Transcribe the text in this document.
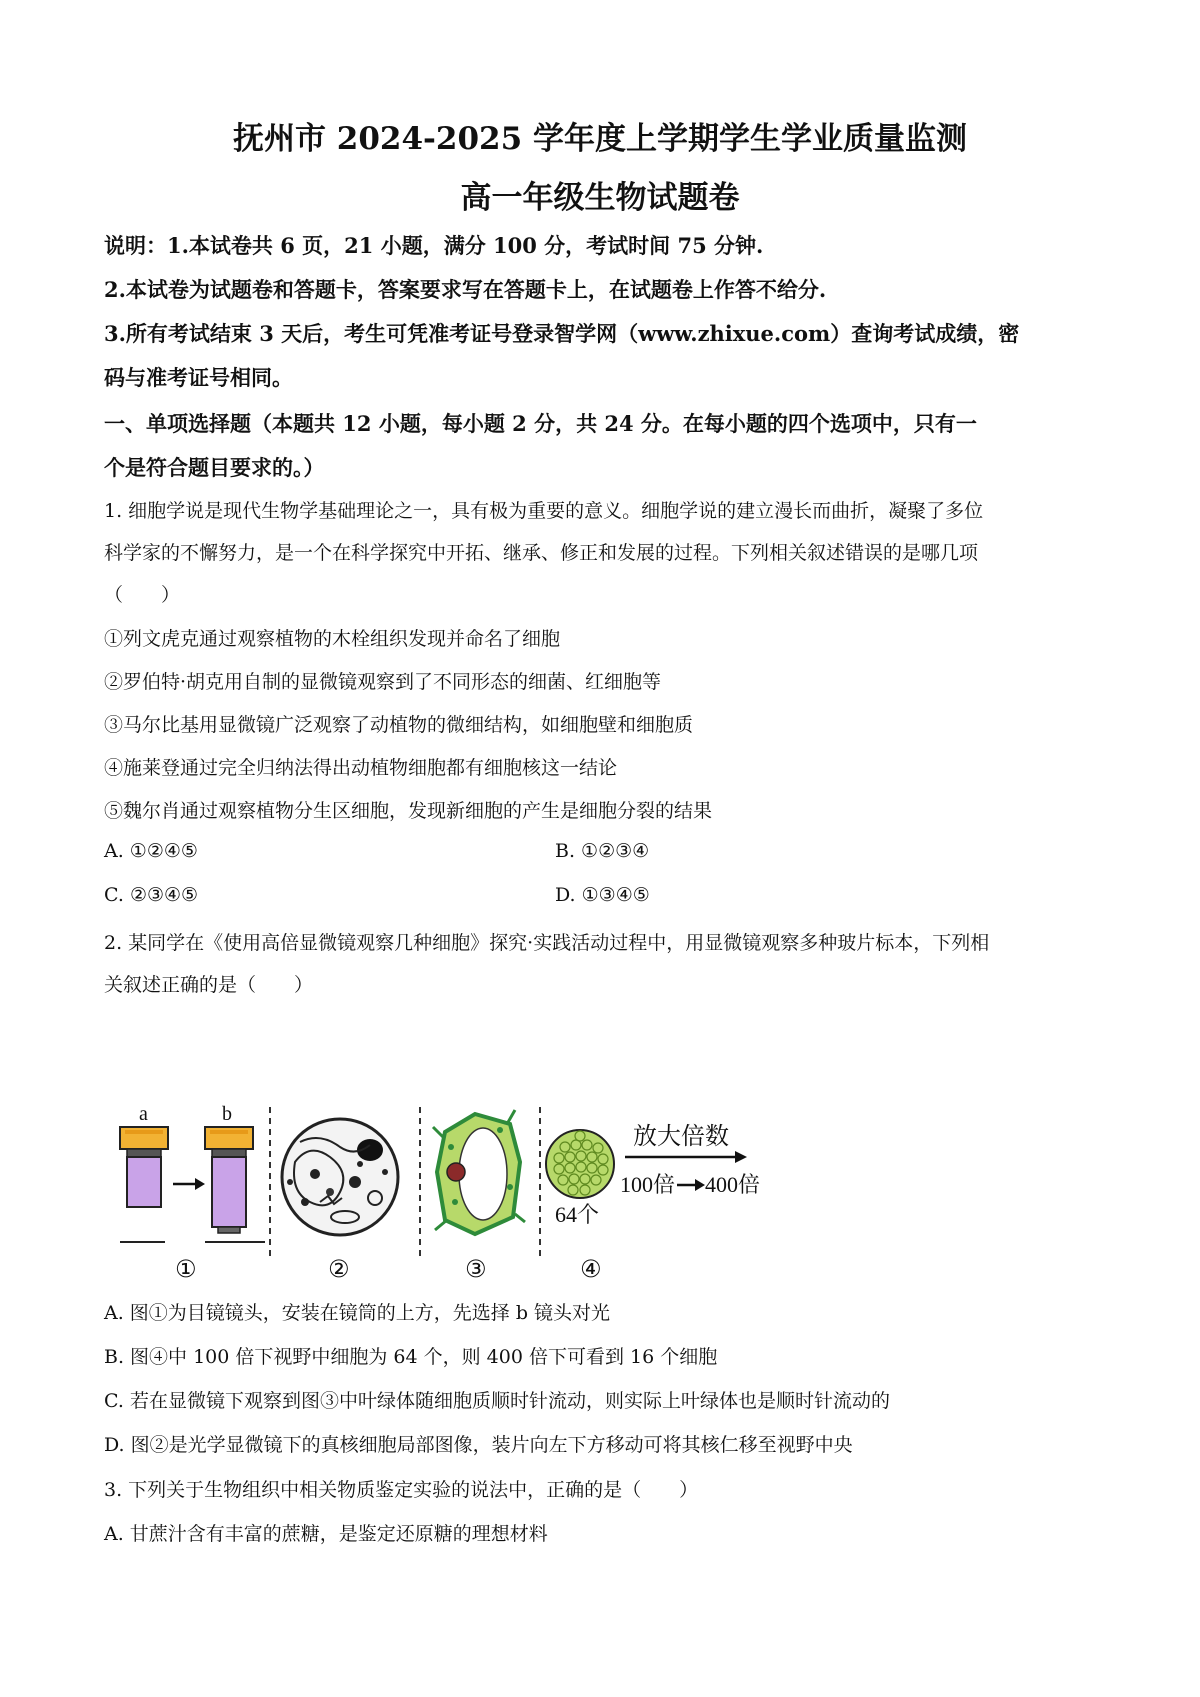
抚州市 2024-2025 学年度上学期学生学业质量监测
高一年级生物试题卷
说明：1.本试卷共 6 页，21 小题，满分 100 分，考试时间 75 分钟.
2.本试卷为试题卷和答题卡，答案要求写在答题卡上，在试题卷上作答不给分.
3.所有考试结束 3 天后，考生可凭准考证号登录智学网（www.zhixue.com）查询考试成绩，密
码与准考证号相同。
一、单项选择题（本题共 12 小题，每小题 2 分，共 24 分。在每小题的四个选项中，只有一
个是符合题目要求的。）
1. 细胞学说是现代生物学基础理论之一，具有极为重要的意义。细胞学说的建立漫长而曲折，凝聚了多位
科学家的不懈努力，是一个在科学探究中开拓、继承、修正和发展的过程。下列相关叙述错误的是哪几项
（　　）
①列文虎克通过观察植物的木栓组织发现并命名了细胞
②罗伯特·胡克用自制的显微镜观察到了不同形态的细菌、红细胞等
③马尔比基用显微镜广泛观察了动植物的微细结构，如细胞壁和细胞质
④施莱登通过完全归纳法得出动植物细胞都有细胞核这一结论
⑤魏尔肖通过观察植物分生区细胞，发现新细胞的产生是细胞分裂的结果
A. ①②④⑤	B. ①②③④
C. ②③④⑤	D. ①③④⑤
2. 某同学在《使用高倍显微镜观察几种细胞》探究·实践活动过程中，用显微镜观察多种玻片标本，下列相
关叙述正确的是（　　）
a	b
①	②	③
64个
④
放大倍数
100倍 400倍
A. 图①为目镜镜头，安装在镜筒的上方，先选择 b 镜头对光
B. 图④中 100 倍下视野中细胞为 64 个，则 400 倍下可看到 16 个细胞
C. 若在显微镜下观察到图③中叶绿体随细胞质顺时针流动，则实际上叶绿体也是顺时针流动的
D. 图②是光学显微镜下的真核细胞局部图像，装片向左下方移动可将其核仁移至视野中央
3. 下列关于生物组织中相关物质鉴定实验的说法中，正确的是（　　）
A. 甘蔗汁含有丰富的蔗糖，是鉴定还原糖的理想材料
